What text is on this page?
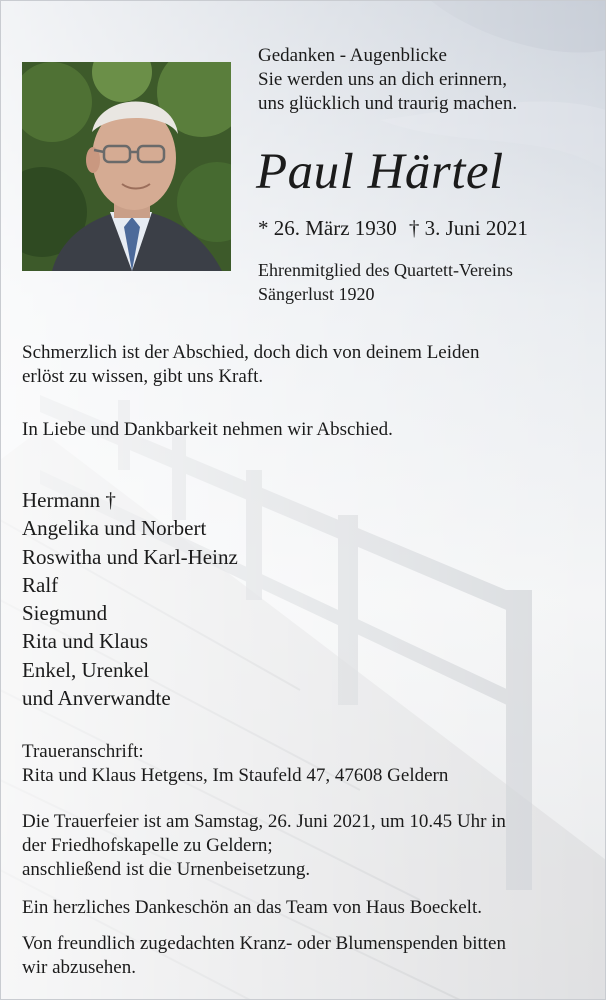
Gedanken - Augenblicke
Sie werden uns an dich erinnern,
uns glücklich und traurig machen.
Paul Härtel
* 26. März 1930 † 3. Juni 2021
Ehrenmitglied des Quartett-Vereins
Sängerlust 1920
Schmerzlich ist der Abschied, doch dich von deinem Leiden
erlöst zu wissen, gibt uns Kraft.
In Liebe und Dankbarkeit nehmen wir Abschied.
Hermann †
Angelika und Norbert
Roswitha und Karl-Heinz
Ralf
Siegmund
Rita und Klaus
Enkel, Urenkel
und Anverwandte
Traueranschrift:
Rita und Klaus Hetgens, Im Staufeld 47, 47608 Geldern
Die Trauerfeier ist am Samstag, 26. Juni 2021, um 10.45 Uhr in
der Friedhofskapelle zu Geldern;
anschließend ist die Urnenbeisetzung.
Ein herzliches Dankeschön an das Team von Haus Boeckelt.
Von freundlich zugedachten Kranz- oder Blumenspenden bitten
wir abzusehen.
